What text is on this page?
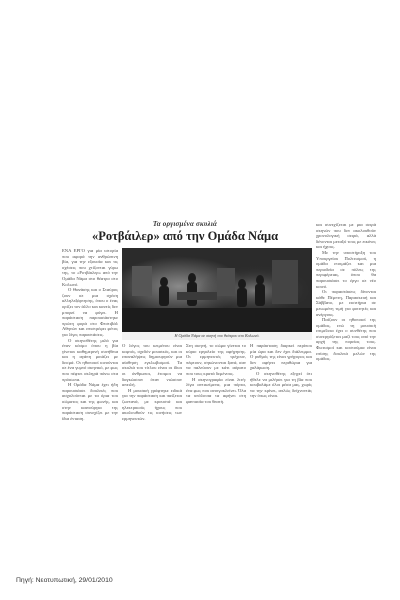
Τα οργισμένα σκυλιά
«Ροτβάιλερ» από την Ομάδα Νάμα
Η Ομάδα Νάμα σε σκηνή του θεάτρου στο Κολωνό.

ΕΝΑ ΕΡΓΟ για μία ιστορία που αφορά την ανθρώπινη βία, για την εξουσία και τις σχέσεις που χτίζονται γύρω της, το «Ροτβάιλερ» από την Ομάδα Νάμα στο θέατρο στο Κολωνό.

Ο Θανάσης και ο Σταύρος ζουν σε μια σχέση αλληλεξάρτησης, όπου ο ένας ορίζει τον άλλο και κανείς δεν μπορεί να φύγει. Η παράσταση παρουσιάστηκε πρώτη φορά στο Φεστιβάλ Αθηνών και επιστρέφει φέτος για λίγες παραστάσεις.

Ο σκηνοθέτης μιλά για έναν κόσμο όπου η βία γίνεται καθημερινή συνήθεια και η αγάπη μοιάζει με δεσμά. Οι ηθοποιοί κινούνται σε ένα γυμνό σκηνικό, με φως που πέφτει σκληρά πάνω στα πρόσωπα.

Η Ομάδα Νάμα έχει ήδη παρουσιάσει δουλειές που ασχολούνται με τα όρια του σώματος και της φωνής, και στην καινούργια της παράσταση συνεχίζει με την ίδια ένταση.

Ο λόγος του κειμένου είναι κοφτός, σχεδόν μουσικός, και οι επαναλήψεις δημιουργούν μια αίσθηση εγκλωβισμού. Τα σκυλιά του τίτλου είναι οι ίδιοι οι άνθρωποι, έτοιμοι να δαγκώσουν όταν νιώσουν απειλή.

Η μουσική γράφτηκε ειδικά για την παράσταση και παίζεται ζωντανά, με κρουστά και ηλεκτρικούς ήχους που ακολουθούν τις κινήσεις των ερμηνευτών.

Στη σκηνή, το σώμα γίνεται το κύριο εργαλείο της αφήγησης. Οι ερμηνευτές τρέχουν, πέφτουν, σηκώνονται ξανά, σαν να παλεύουν με κάτι αόρατο που τους κρατά δεμένους.

Η σκηνογραφία είναι λιτή: λίγα αντικείμενα, μια πόρτα, ένα φως που ανοιγοκλείνει. Όλα τα υπόλοιπα τα αφήνει στη φαντασία του θεατή.

Η παράσταση διαρκεί περίπου μία ώρα και δεν έχει διάλειμμα. Ο ρυθμός της είναι γρήγορος και δεν αφήνει περιθώρια για χαλάρωση.

Ο σκηνοθέτης εξηγεί ότι ήθελε να μιλήσει για τη βία που κουβαλάμε όλοι μέσα μας, χωρίς να την κρίνει, απλώς δείχνοντάς την όπως είναι.

και συνεχίζεται με μια σειρά σκηνών που δεν ακολουθούν χρονολογική σειρά, αλλά δένονται μεταξύ τους με εικόνες και ήχους.

Με την υποστήριξη του Υπουργείου Πολιτισμού, η ομάδα ετοιμάζει και μια περιοδεία σε πόλεις της περιφέρειας, όπου θα παρουσιάσει το έργο σε νέο κοινό.

Οι παραστάσεις δίνονται κάθε Πέμπτη, Παρασκευή και Σάββατο, με εισιτήρια σε μειωμένη τιμή για φοιτητές και ανέργους.

Παίζουν οι ηθοποιοί της ομάδας, ενώ τη μουσική επιμέλεια έχει ο συνθέτης που συνεργάζεται μαζί τους από την αρχή της πορείας τους. Φωτισμοί και κοστούμια είναι επίσης δουλειά μελών της ομάδας.

Πηγή: Νεοτυπωτική, 29/01/2010
